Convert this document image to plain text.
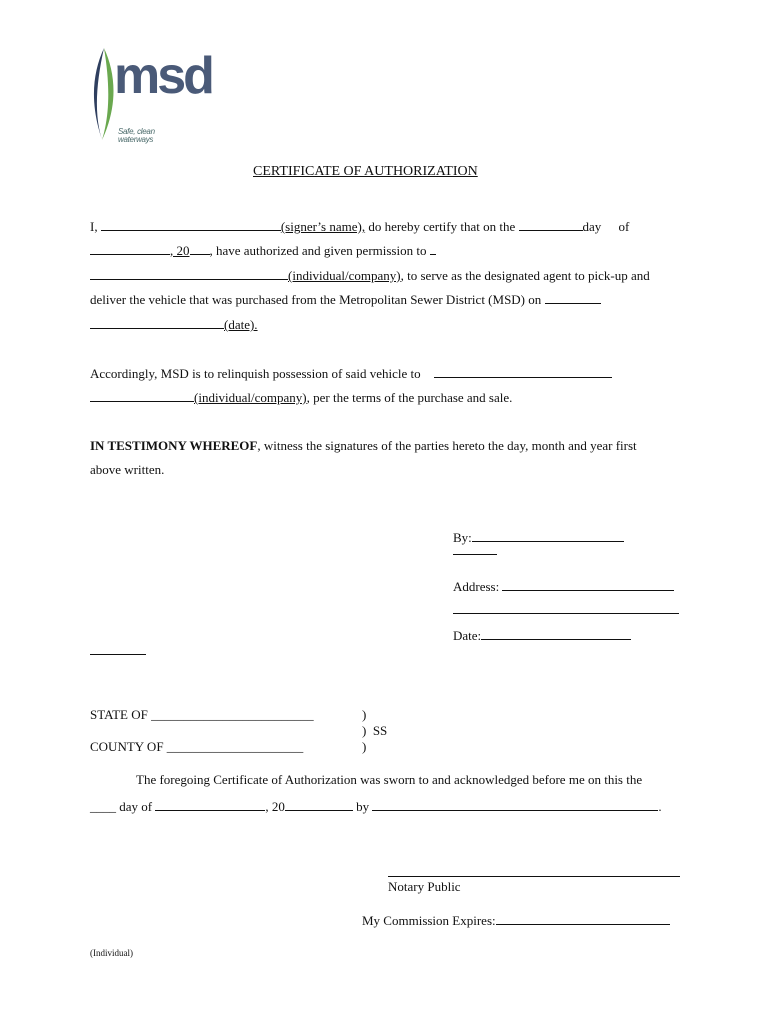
msd
Safe, clean waterways
CERTIFICATE OF AUTHORIZATION
I,	(signer’s name), do hereby certify that on the	day of
, 20 , have authorized and given permission to
(individual/company), to serve as the designated agent to pick-up and
deliver the vehicle that was purchased from the Metropolitan Sewer District (MSD) on
(date).
Accordingly, MSD is to relinquish possession of said vehicle to
(individual/company), per the terms of the purchase and sale.
IN TESTIMONY WHEREOF, witness the signatures of the parties hereto the day, month and year first
above written.
By:
Address:
Date:
STATE OF _________________________
COUNTY OF _____________________
)
)  SS
)
The foregoing Certificate of Authorization was sworn to and acknowledged before me on this the
____ day of	, 20	by	.
Notary Public
My Commission Expires:
(Individual)
